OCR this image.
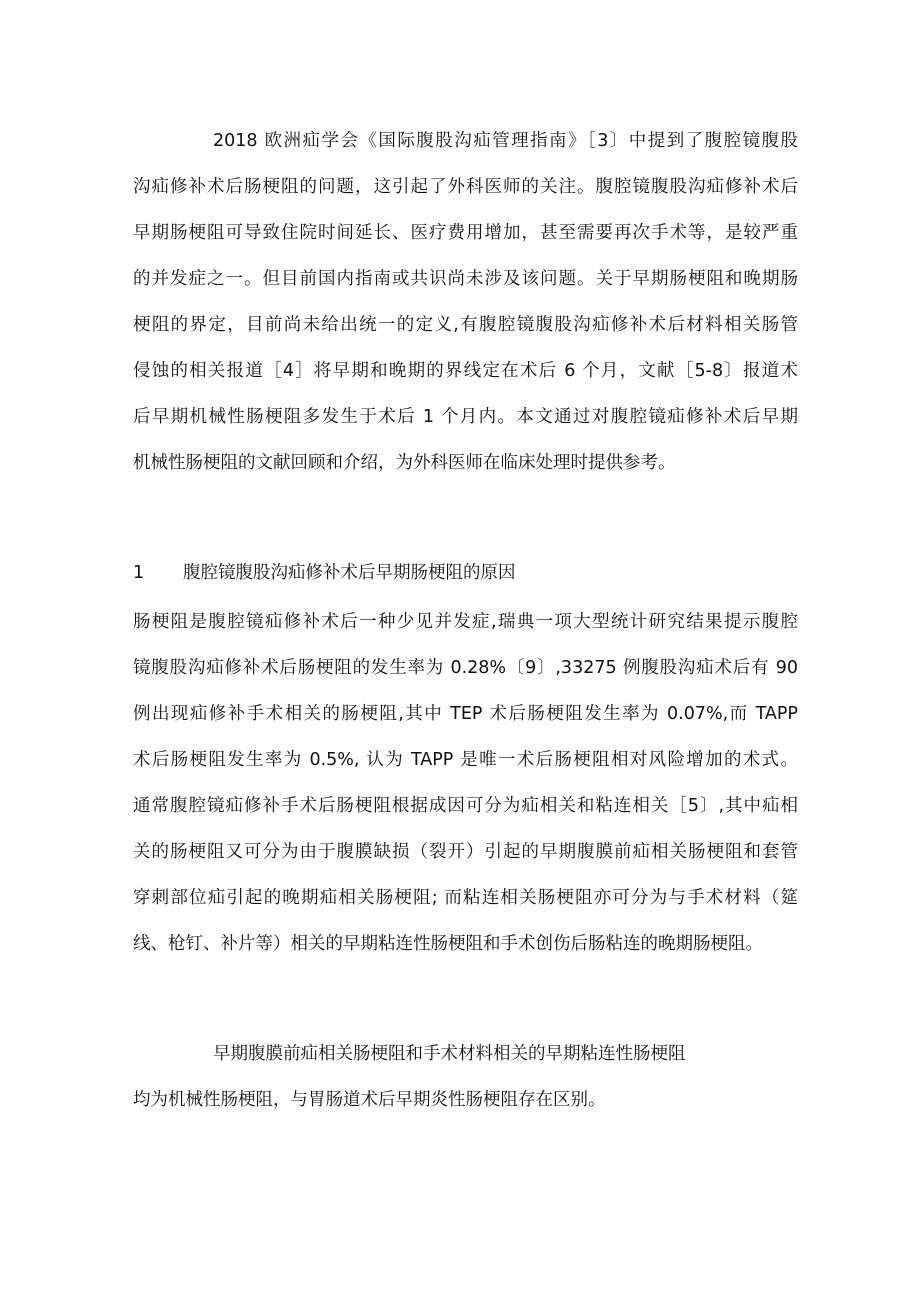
2018 欧洲疝学会《国际腹股沟疝管理指南》［3〕中提到了腹腔镜腹股
沟疝修补术后肠梗阻的问题，这引起了外科医师的关注。腹腔镜腹股沟疝修补术后
早期肠梗阻可导致住院时间延长、医疗费用增加，甚至需要再次手术等，是较严重
的并发症之一。但目前国内指南或共识尚未涉及该问题。关于早期肠梗阻和晚期肠
梗阻的界定，目前尚未给出统一的定义,有腹腔镜腹股沟疝修补术后材料相关肠管
侵蚀的相关报道［4］将早期和晚期的界线定在术后 6 个月，文献［5-8〕报道术
后早期机械性肠梗阻多发生于术后 1 个月内。本文通过对腹腔镜疝修补术后早期
机械性肠梗阻的文献回顾和介绍，为外科医师在临床处理时提供参考。
1 腹腔镜腹股沟疝修补术后早期肠梗阻的原因
肠梗阻是腹腔镜疝修补术后一种少见并发症,瑞典一项大型统计研究结果提示腹腔
镜腹股沟疝修补术后肠梗阻的发生率为 0.28%〔9〕,33275 例腹股沟疝术后有 90
例出现疝修补手术相关的肠梗阻,其中 TEP 术后肠梗阻发生率为 0.07%,而 TAPP
术后肠梗阻发生率为 0.5%, 认为 TAPP 是唯一术后肠梗阻相对风险增加的术式。
通常腹腔镜疝修补手术后肠梗阻根据成因可分为疝相关和粘连相关［5〕,其中疝相
关的肠梗阻又可分为由于腹膜缺损（裂开）引起的早期腹膜前疝相关肠梗阻和套管
穿刺部位疝引起的晚期疝相关肠梗阻; 而粘连相关肠梗阻亦可分为与手术材料（筵
线、枪钉、补片等）相关的早期粘连性肠梗阻和手术创伤后肠粘连的晚期肠梗阻。
早期腹膜前疝相关肠梗阻和手术材料相关的早期粘连性肠梗阻
均为机械性肠梗阻，与胃肠道术后早期炎性肠梗阻存在区别。
